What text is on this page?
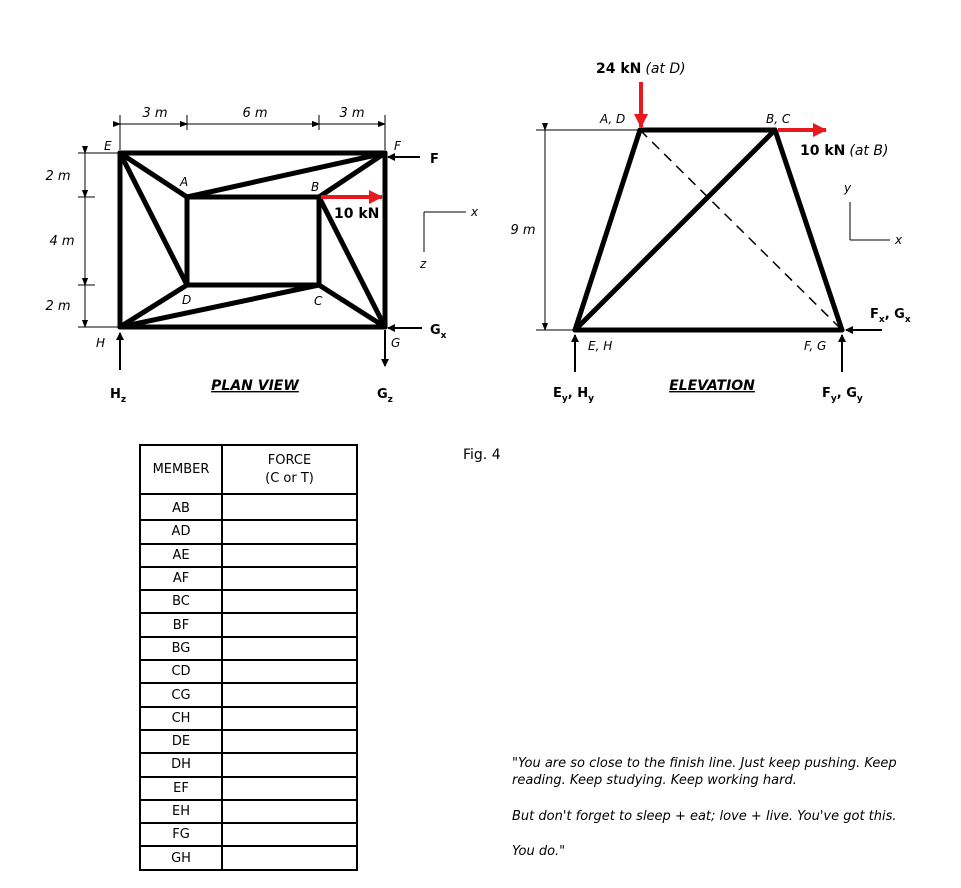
3 m	6 m	3 m
2 m
4 m
2 m
E	F
G
H
A	B
C
D
10 kN
F
$G_x$
$G_z$
$H_z$
x
z
PLAN VIEW
9 m
24 kN (at D)
10 kN (at B)
A, D	B, C
E, H	F, G
$E_y$, $H_y$	$F_y$, $G_y$
$F_x$, $G_x$
y
x
ELEVATION
MEMBER	FORCE
(C or T)

AB	
AD	
AE	
AF	
BC	
BF	
BG	
CD	
CG	
CH	
DE	
DH	
EF	
EH	
FG	
GH	
Fig. 4
"You are so close to the finish line. Just keep pushing. Keep reading. Keep studying. Keep working hard.
But don't forget to sleep + eat; love + live. You've got this.
You do."
